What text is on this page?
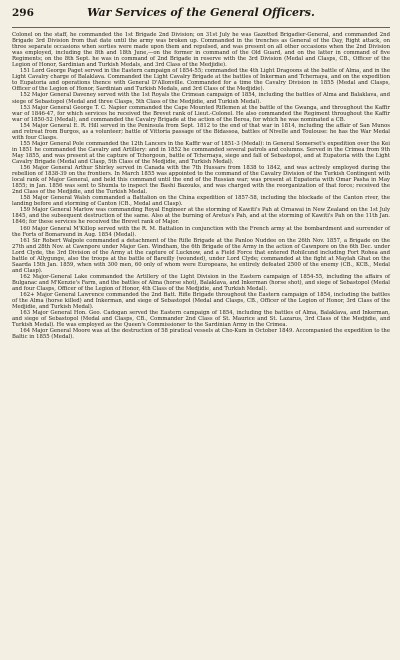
296	War Services of the General Officers.

Colonel on the staff, he commanded the 1st Brigade 2nd Division; on 31st July he was Gazetted Brigadier-General, and commanded 2nd Brigade 3rd Division from that date until the army was broken up. Commanded in the trenches as General of the Day, Right attack, on three separate occasions when sorties were made upon them and repulsed, and was present on all other occasions when the 2nd Division was employed, including the 8th and 18th June,—on the former in command of the Old Guard, and on the latter in command of five Regiments; on the 8th Sept. he was in command of 2nd Brigade in reserve with the 3rd Division (Medal and Clasps, CB., Officer of the Legion of Honor, Sardinian and Turkish Medals, and 3rd Class of the Medjidie).

151 Lord George Paget served in the Eastern campaign of 1854-55; commanded the 4th Light Dragoons at the battle of Alma, and in the Light Cavalry charge of Balaklava. Commanded the Light Cavalry Brigade at the battles of Inkerman and Tchernaya, and on the expedition to Eupatoria and operations thence with General D'Allonville. Commanded for a time the Cavalry Division in 1855 (Medal and Clasps, Officer of the Legion of Honor, Sardinian and Turkish Medals, and 3rd Class of the Medjidie).

152 Major General Daveney served with the 1st Royals the Crimean campaign of 1854, including the battles of Alma and Balaklava, and siege of Sebastopol (Medal and three Clasps, 5th Class of the Medjidie, and Turkish Medal).

153 Major General George T. C. Napier commanded the Cape Mounted Riflemen at the battle of the Gwanga, and throughout the Kaffir war of 1846-47, for which services he received the Brevet rank of Lieut.-Colonel. He also commanded the Regiment throughout the Kaffir war of 1850-52 (Medal), and commanded the Cavalry Brigade at the action of the Berea, for which he was nominated a CB.

154 Major General E. R. Hill served in the Peninsula from Sept. 1812 to the end of that war in 1814, including the affair of San Munos and retreat from Burgos, as a volunteer; battle of Vittoria passage of the Bidassoa, battles of Nivelle and Toulouse: he has the War Medal with four Clasps.

155 Major General Pole commanded the 12th Lancers in the Kaffir war of 1851-3 (Medal): in General Somerset's expedition over the Kei in 1851 he commanded the Cavalry and Artillery: and in 1852 he commanded several patrols and columns. Served in the Crimea from 9th May 1855, and was present at the capture of Tchorgoun, battle of Tchernaya, siege and fall of Sebastopol, and at Eupatoria with the Light Cavalry Brigade (Medal and Clasp, 5th Class of the Medjidie, and Turkish Medal).

156 Major General Arthur Shirley served in Canada with the 7th Hussars from 1838 to 1842, and was actively employed during the rebellion of 1838-39 on the frontiers. In March 1855 was appointed to the command of the Cavalry Division of the Turkish Contingent with local rank of Major General, and held this command until the end of the Russian war; was present at Eupatoria with Omar Pasha in May 1855; in Jan. 1856 was sent to Shumla to inspect the Bashi Bazouks, and was charged with the reorganization of that force; received the 2nd Class of the Medjidie, and the Turkish Medal.

158 Major General Walsh commanded a Battalion on the China expedition of 1857-58, including the blockade of the Canton river, the landing before and storming of Canton (CB., Medal and Clasp).

159 Major General Marlow was commanding Royal Engineer at the storming of Kawiti's Pah at Ornawai in New Zealand on the 1st July 1845, and the subsequent destruction of the same. Also at the burning of Aretus's Pah, and at the storming of Kawiti's Pah on the 11th Jan. 1846; for these services he received the Brevet rank of Major.

160 Major General M'Killop served with the R. M. Battalion in conjunction with the French army at the bombardment and surrender of the Forts of Bomarsund in Aug. 1854 (Medal).

161 Sir Robert Walpole commanded a detachment of the Rifle Brigade at the Panloo Nuddee on the 26th Nov. 1857, a Brigade on the 27th and 28th Nov. at Cawnpore under Major Gen. Windham, the 6th Brigade of the Army in the action of Cawnpore on the 6th Dec. under Lord Clyde, the 3rd Division of the Army at the capture of Lucknow, and a Field Force that entered Rohilcund including Fort Rohea and battle of Allygunge, also the troops at the battle of Bareilly (wounded), under Lord Clyde; commanded at the fight at Maylah Ghat on the Saarda 15th Jan. 1859, when with 300 men, 60 only of whom were Europeans, he entirely defeated 2500 of the enemy (CB., KCB., Medal and Clasp).

162 Major-General Lake commanded the Artillery of the Light Division in the Eastern campaign of 1854-55, including the affairs of Bulganac and M'Kenzie's Farm, and the battles of Alma (horse shot), Balaklava, and Inkerman (horse shot), and siege of Sebastopol (Medal and four Clasps, Officer of the Legion of Honor, 4th Class of the Medjidie, and Turkish Medal).

162+ Major General Lawrence commanded the 2nd Batt. Rifle Brigade throughout the Eastern campaign of 1854, including the battles of the Alma (horse killed) and Inkerman, and siege of Sebastopol (Medal and Clasps, CB., Officer of the Legion of Honor, 3rd Class of the Medjidie, and Turkish Medal).

163 Major General Hon. Geo. Cadogan served the Eastern campaign of 1854, including the battles of Alma, Balaklava, and Inkerman, and siege of Sebastopol (Medal and Clasps, CB., Commander 2nd Class of St. Maurice and St. Lazarus, 3rd Class of the Medjidie, and Turkish Medal). He was employed as the Queen's Commissioner to the Sardinian Army in the Crimea.

164 Major General Moore was at the destruction of 58 piratical vessels at Cho-Kum in October 1849. Accompanied the expedition to the Baltic in 1855 (Medal).
